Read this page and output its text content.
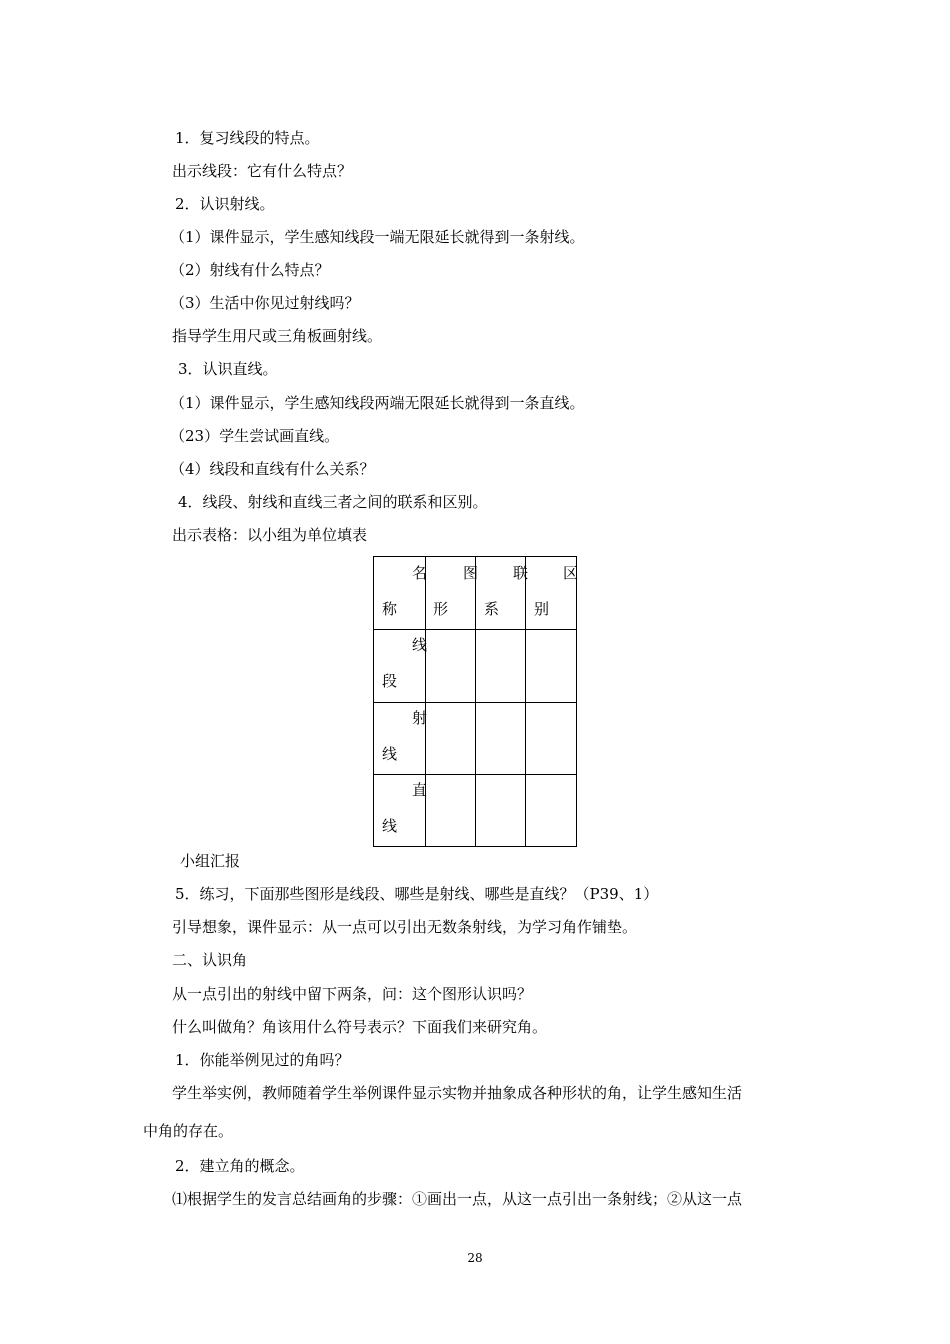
1．复习线段的特点。
出示线段：它有什么特点？
2．认识射线。
（1）课件显示，学生感知线段一端无限延长就得到一条射线。
（2）射线有什么特点？
（3）生活中你见过射线吗？
指导学生用尺或三角板画射线。
3．认识直线。
（1）课件显示，学生感知线段两端无限延长就得到一条直线。
（23）学生尝试画直线。
（4）线段和直线有什么关系？
4．线段、射线和直线三者之间的联系和区别。
出示表格：以小组为单位填表
小组汇报
5．练习，下面那些图形是线段、哪些是射线、哪些是直线？（P39、1）
引导想象，课件显示：从一点可以引出无数条射线，为学习角作铺垫。
二、认识角
从一点引出的射线中留下两条，问：这个图形认识吗？
什么叫做角？角该用什么符号表示？下面我们来研究角。
1．你能举例见过的角吗？
学生举实例，教师随着学生举例课件显示实物并抽象成各种形状的角，让学生感知生活
中角的存在。
2．建立角的概念。
⑴根据学生的发言总结画角的步骤：①画出一点，从这一点引出一条射线；②从这一点
名 图 联 区
称 形 系 别
线
段
射
线
直
线
28
